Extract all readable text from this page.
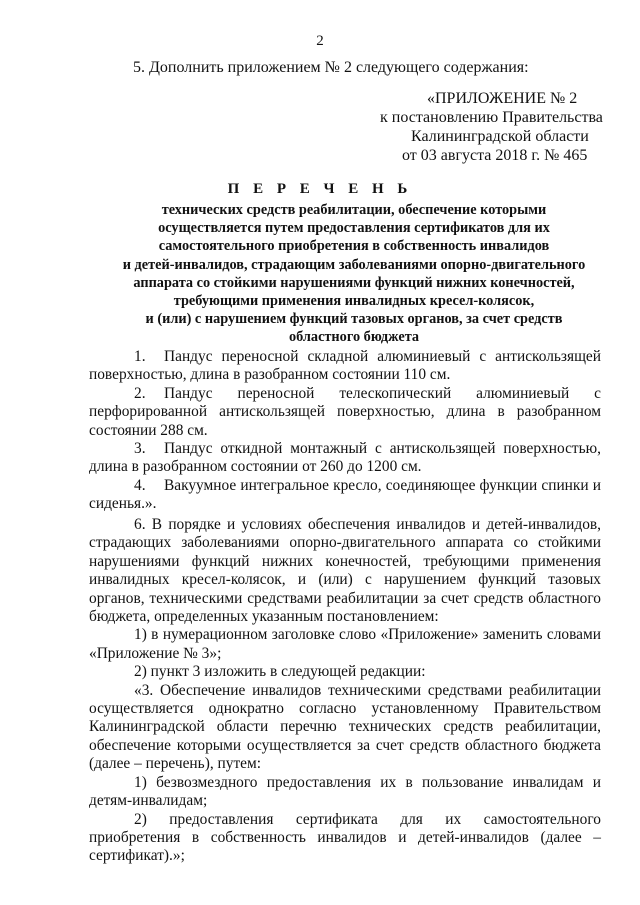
2
5. Дополнить приложением № 2 следующего содержания:
«ПРИЛОЖЕНИЕ № 2
к постановлению Правительства
Калининградской области
от 03 августа 2018 г. № 465
П Е Р Е Ч Е Н Ь
технических средств реабилитации, обеспечение которыми
осуществляется путем предоставления сертификатов для их
самостоятельного приобретения в собственность инвалидов
и детей-инвалидов, страдающим заболеваниями опорно-двигательного
аппарата со стойкими нарушениями функций нижних конечностей,
требующими применения инвалидных кресел-колясок,
и (или) с нарушением функций тазовых органов, за счет средств
областного бюджета

1. Пандус переносной складной алюминиевый с антискользящей поверхностью, длина в разобранном состоянии 110 см.

2. Пандус переносной телескопический алюминиевый с перфорированной антискользящей поверхностью, длина в разобранном состоянии 288 см.

3. Пандус откидной монтажный с антискользящей поверхностью, длина в разобранном состоянии от 260 до 1200 см.

4. Вакуумное интегральное кресло, соединяющее функции спинки и сиденья.».

6. В порядке и условиях обеспечения инвалидов и детей-инвалидов, страдающих заболеваниями опорно-двигательного аппарата со стойкими нарушениями функций нижних конечностей, требующими применения инвалидных кресел-колясок, и (или) с нарушением функций тазовых органов, техническими средствами реабилитации за счет средств областного бюджета, определенных указанным постановлением:

1) в нумерационном заголовке слово «Приложение» заменить словами «Приложение № 3»;

2) пункт 3 изложить в следующей редакции:

«3. Обеспечение инвалидов техническими средствами реабилитации осуществляется однократно согласно установленному Правительством Калининградской области перечню технических средств реабилитации, обеспечение которыми осуществляется за счет средств областного бюджета (далее – перечень), путем:

1) безвозмездного предоставления их в пользование инвалидам и детям-инвалидам;

2) предоставления сертификата для их самостоятельного приобретения в собственность инвалидов и детей-инвалидов (далее – сертификат).»;
